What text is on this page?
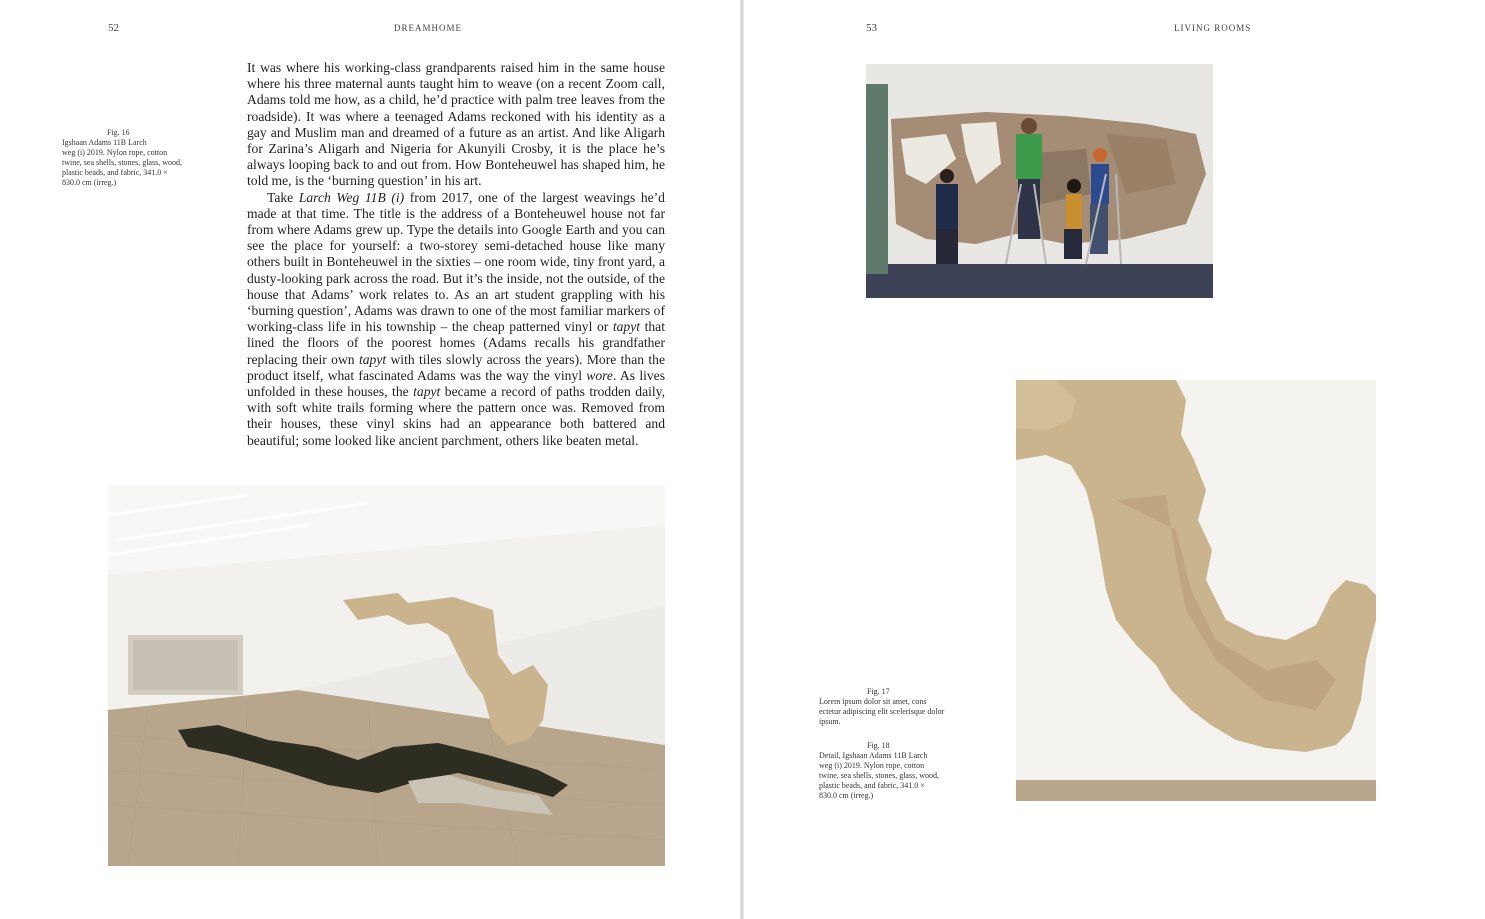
52	DREAMHOME
Fig. 16
Igshaan Adams 11B Larch
weg (i) 2019. Nylon rope, cotton
twine, sea shells, stones, glass, wood,
plastic beads, and fabric, 341.0 ×
830.0 cm (irreg.)

It was where his working-class grandparents raised him in the same house where his three maternal aunts taught him to weave (on a recent Zoom call, Adams told me how, as a child, he’d practice with palm tree leaves from the roadside). It was where a teenaged Adams reckoned with his identity as a gay and Muslim man and dreamed of a future as an artist. And like Aligarh for Zarina’s Aligarh and Nigeria for Akunyili Crosby, it is the place he’s always looping back to and out from. How Bonteheuwel has shaped him, he told me, is the ‘burning question’ in his art.

Take Larch Weg 11B (i) from 2017, one of the largest weavings he’d made at that time. The title is the address of a Bonteheuwel house not far from where Adams grew up. Type the details into Google Earth and you can see the place for yourself: a two-storey semi-detached house like many others built in Bonteheuwel in the sixties – one room wide, tiny front yard, a dusty-looking park across the road. But it’s the inside, not the outside, of the house that Adams’ work relates to. As an art student grappling with his ‘burning question’, Adams was drawn to one of the most familiar markers of working-class life in his township – the cheap patterned vinyl or tapyt that lined the floors of the poorest homes (Adams recalls his grandfather replacing their own tapyt with tiles slowly across the years). More than the product itself, what fascinated Adams was the way the vinyl wore. As lives unfolded in these houses, the tapyt became a record of paths trodden daily, with soft white trails forming where the pattern once was. Removed from their houses, these vinyl skins had an appearance both battered and beautiful; some looked like ancient parchment, others like beaten metal.

53	LIVING ROOMS
Fig. 17
Lorem ipsum dolor sit amet, cons ectetur adipiscing elit scelerisque dolor ipsum.
Fig. 18
Detail, Igshaan Adams 11B Larch
weg (i) 2019. Nylon rope, cotton
twine, sea shells, stones, glass, wood,
plastic beads, and fabric, 341.0 ×
830.0 cm (irreg.)
